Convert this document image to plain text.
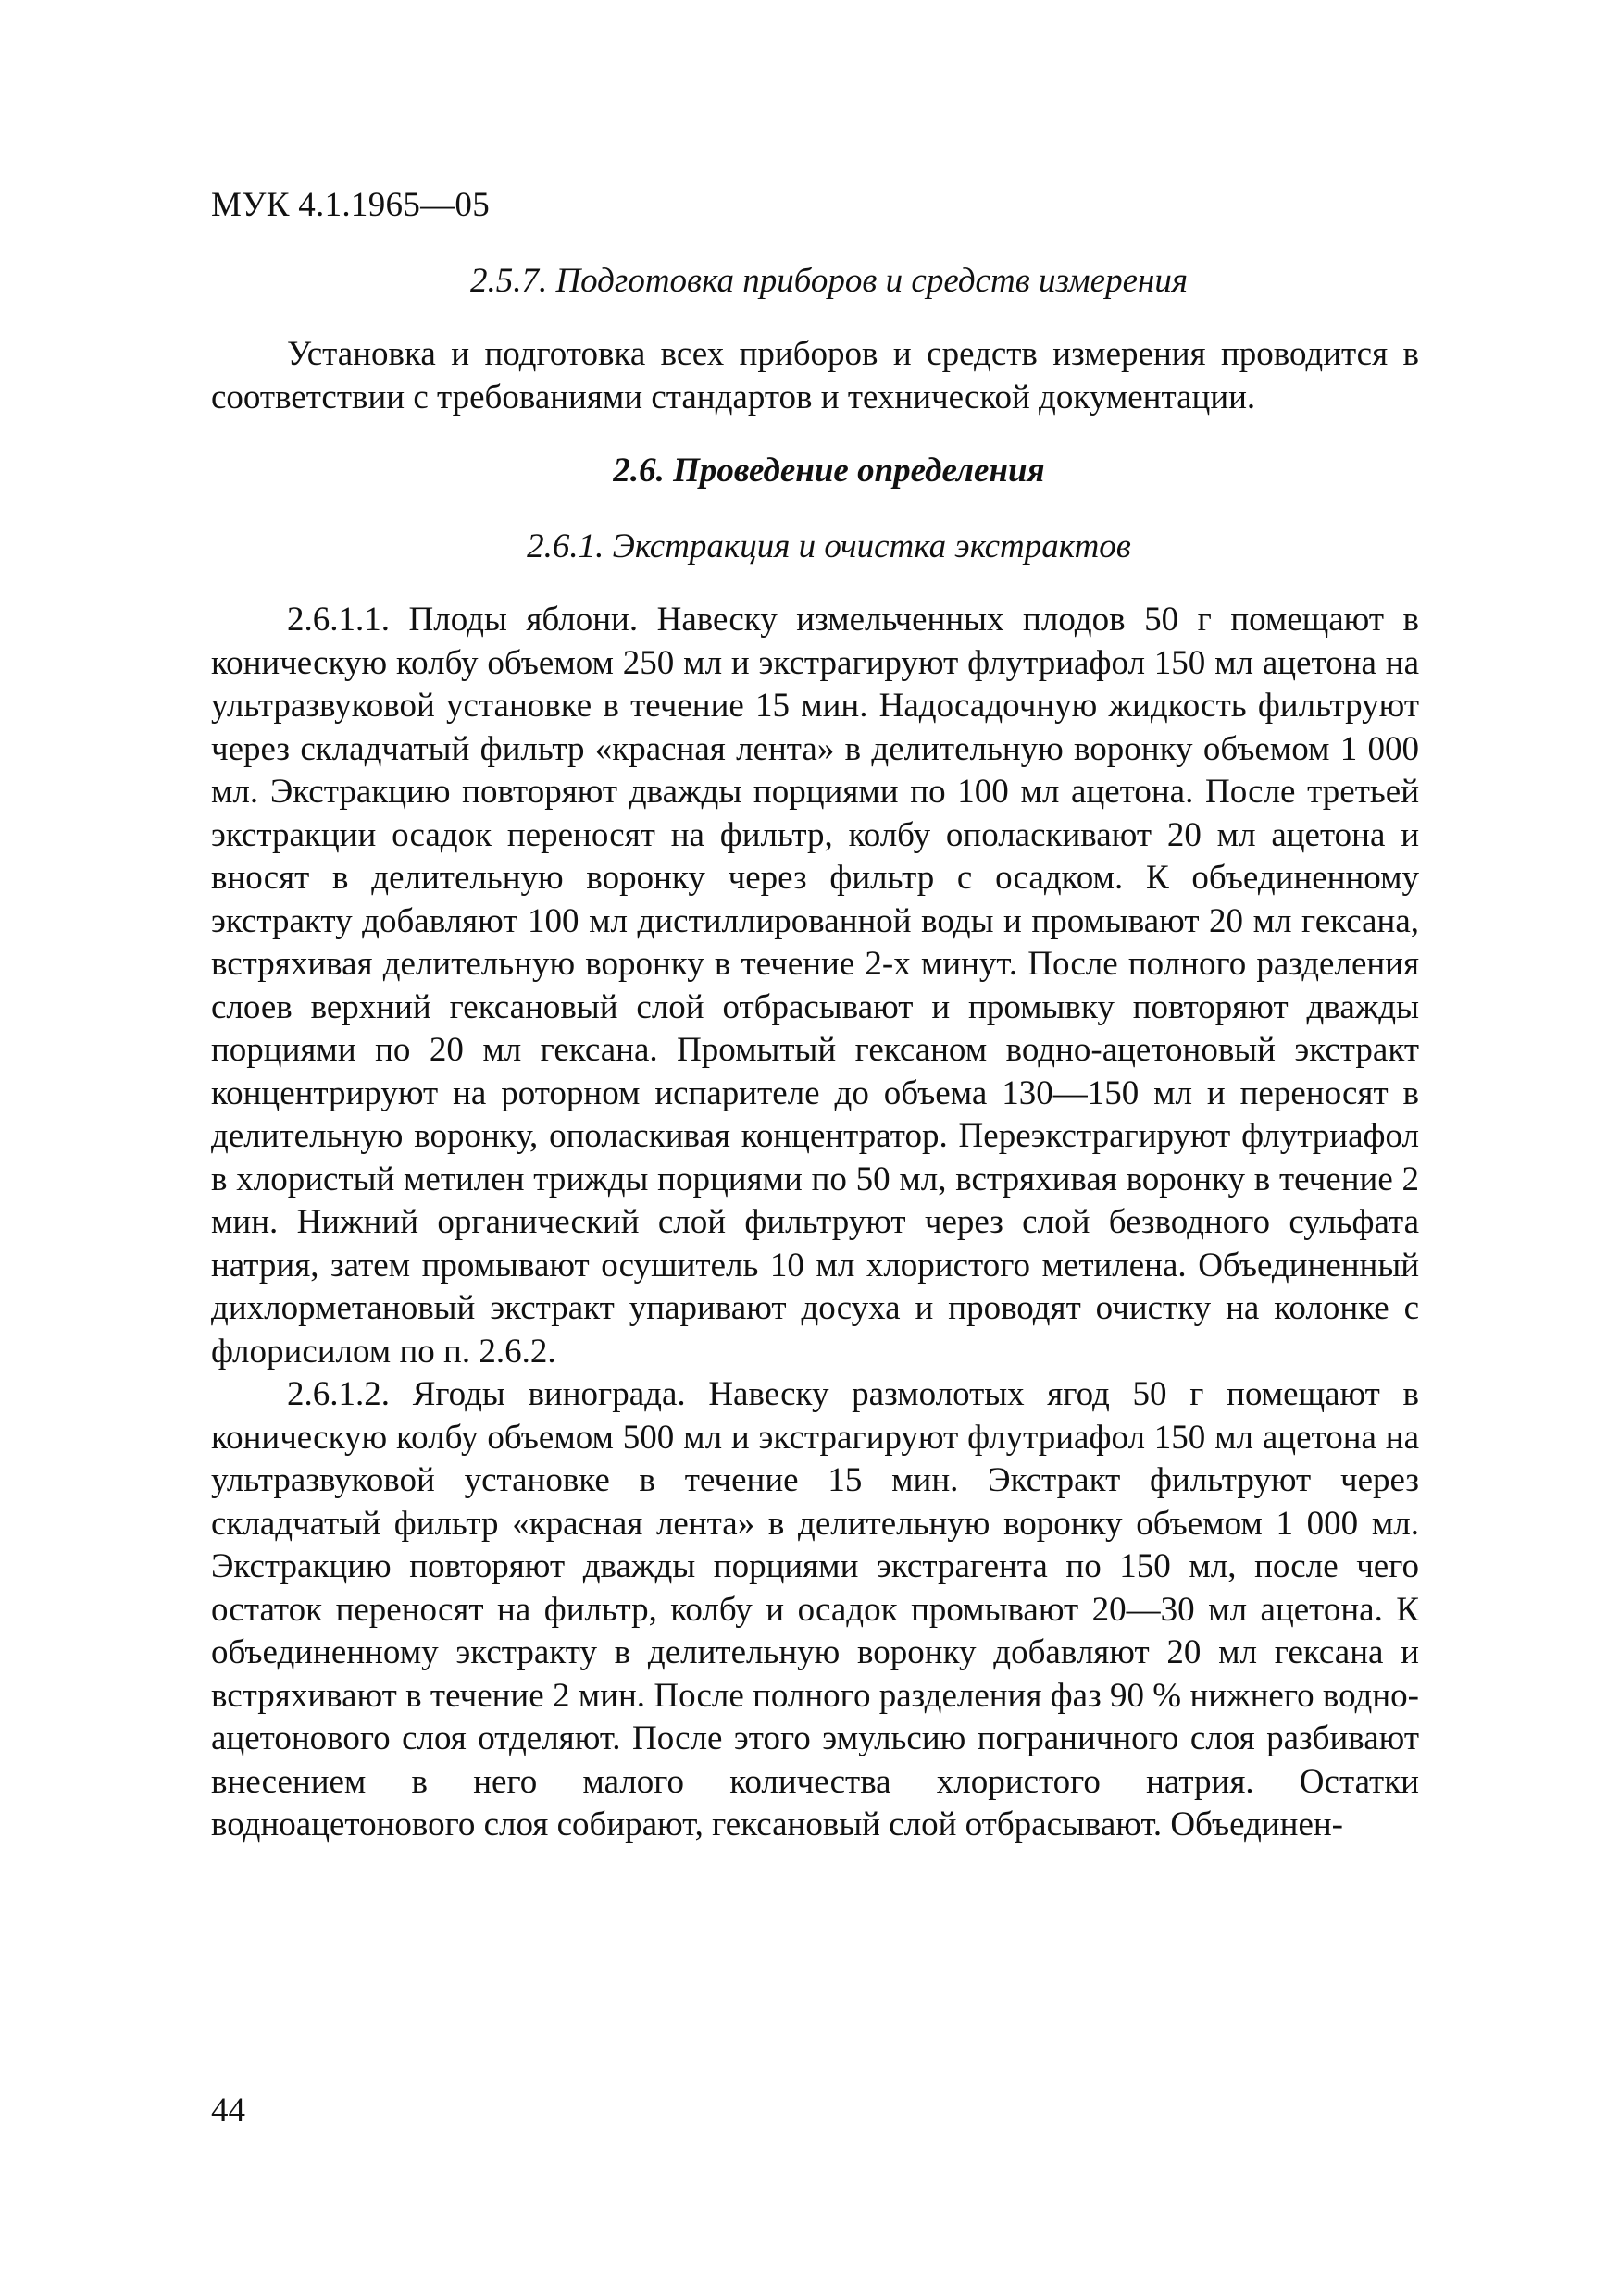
МУК 4.1.1965—05
2.5.7. Подготовка приборов и средств измерения

Установка и подготовка всех приборов и средств измерения проводится в соответствии с требованиями стандартов и технической документации.

2.6. Проведение определения
2.6.1. Экстракция и очистка экстрактов

2.6.1.1. Плоды яблони. Навеску измельченных плодов 50 г помещают в коническую колбу объемом 250 мл и экстрагируют флутриафол 150 мл ацетона на ультразвуковой установке в течение 15 мин. Надосадочную жидкость фильтруют через складчатый фильтр «красная лента» в делительную воронку объемом 1 000 мл. Экстракцию повторяют дважды порциями по 100 мл ацетона. После третьей экстракции осадок переносят на фильтр, колбу ополаскивают 20 мл ацетона и вносят в делительную воронку через фильтр с осадком. К объединенному экстракту добавляют 100 мл дистиллированной воды и промывают 20 мл гексана, встряхивая делительную воронку в течение 2-х минут. После полного разделения слоев верхний гексановый слой отбрасывают и промывку повторяют дважды порциями по 20 мл гексана. Промытый гексаном водно-ацетоновый экстракт концентрируют на роторном испарителе до объема 130—150 мл и переносят в делительную воронку, ополаскивая концентратор. Переэкстрагируют флутриафол в хлористый метилен трижды порциями по 50 мл, встряхивая воронку в течение 2 мин. Нижний органический слой фильтруют через слой безводного сульфата натрия, затем промывают осушитель 10 мл хлористого метилена. Объединенный дихлорметановый экстракт упаривают досуха и проводят очистку на колонке с флорисилом по п. 2.6.2.

2.6.1.2. Ягоды винограда. Навеску размолотых ягод 50 г помещают в коническую колбу объемом 500 мл и экстрагируют флутриафол 150 мл ацетона на ультразвуковой установке в течение 15 мин. Экстракт фильтруют через складчатый фильтр «красная лента» в делительную воронку объемом 1 000 мл. Экстракцию повторяют дважды порциями экстрагента по 150 мл, после чего остаток переносят на фильтр, колбу и осадок промывают 20—30 мл ацетона. К объединенному экстракту в делительную воронку добавляют 20 мл гексана и встряхивают в течение 2 мин. После полного разделения фаз 90 % нижнего водно-ацетонового слоя отделяют. После этого эмульсию пограничного слоя разбивают внесением в него малого количества хлористого натрия. Остатки водноацетонового слоя собирают, гексановый слой отбрасывают. Объединен-

44
